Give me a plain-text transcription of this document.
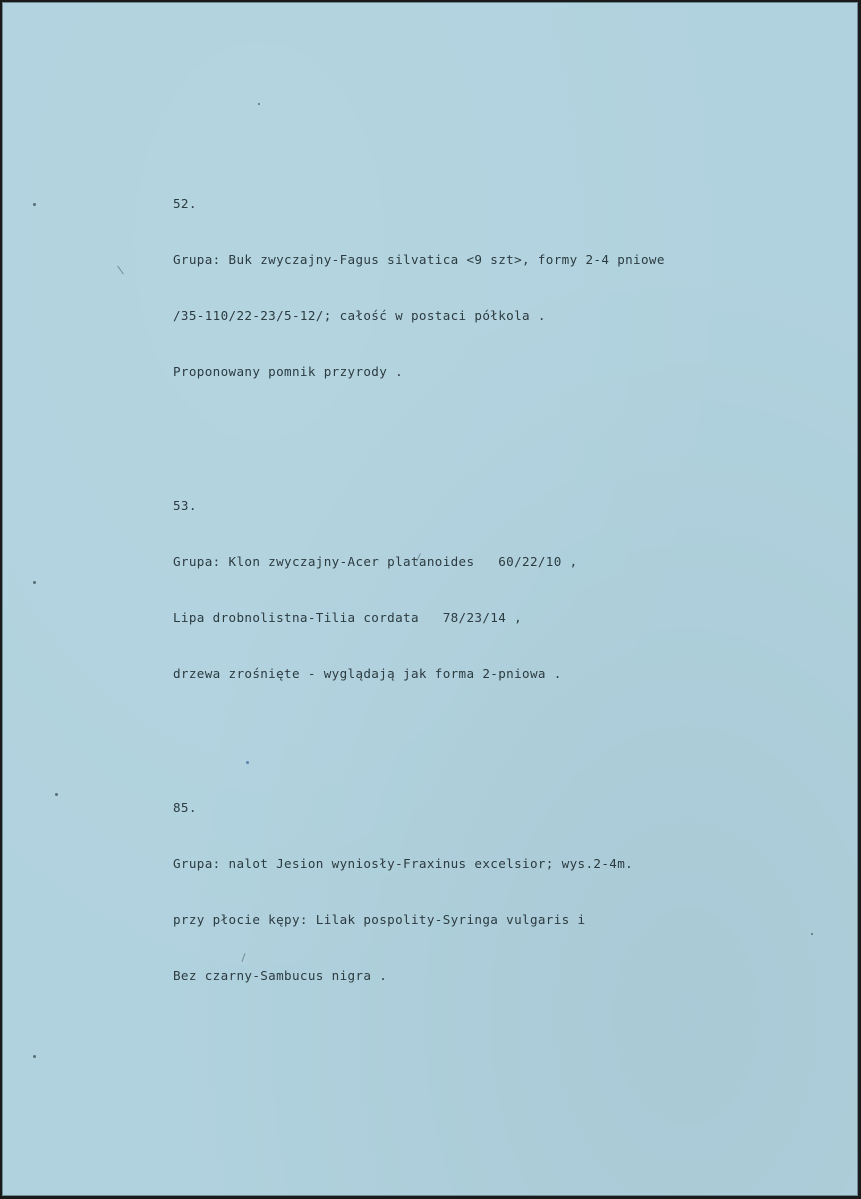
52.

Grupa: Buk zwyczajny-Fagus silvatica <9 szt>, formy 2-4 pniowe

/35-110/22-23/5-12/; całość w postaci półkola .

Proponowany pomnik przyrody .

53.

Grupa: Klon zwyczajny-Acer platanoides   60/22/10 ,

Lipa drobnolistna-Tilia cordata   78/23/14 ,

drzewa zrośnięte - wyglądają jak forma 2-pniowa .

85.

Grupa: nalot Jesion wyniosły-Fraxinus excelsior; wys.2-4m.

przy płocie kępy: Lilak pospolity-Syringa vulgaris i

Bez czarny-Sambucus nigra .
